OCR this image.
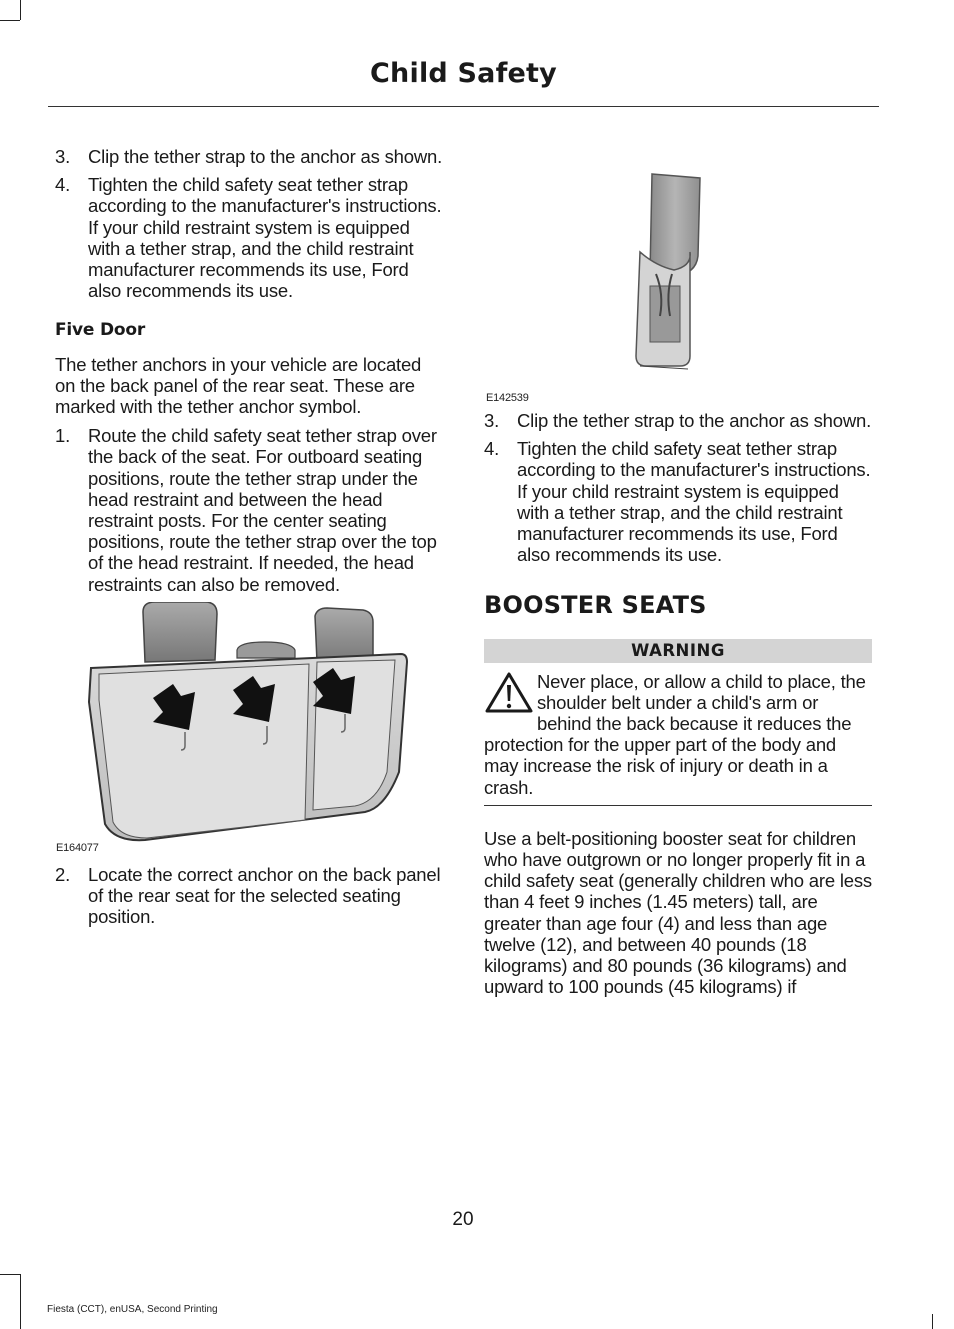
Child Safety
3. Clip the tether strap to the anchor as shown.
4. Tighten the child safety seat tether strap according to the manufacturer's instructions. If your child restraint system is equipped with a tether strap, and the child restraint manufacturer recommends its use, Ford also recommends its use.
Five Door

The tether anchors in your vehicle are located on the back panel of the rear seat. These are marked with the tether anchor symbol.

1. Route the child safety seat tether strap over the back of the seat. For outboard seating positions, route the tether strap under the head restraint and between the head restraint posts. For the center seating positions, route the tether strap over the top of the head restraint. If needed, the head restraints can also be removed.
E164077
2. Locate the correct anchor on the back panel of the rear seat for the selected seating position.
E142539
3. Clip the tether strap to the anchor as shown.
4. Tighten the child safety seat tether strap according to the manufacturer's instructions. If your child restraint system is equipped with a tether strap, and the child restraint manufacturer recommends its use, Ford also recommends its use.
BOOSTER SEATS
WARNING
Never place, or allow a child to place, the shoulder belt under a child's arm or behind the back because it reduces the protection for the upper part of the body and may increase the risk of injury or death in a crash.

Use a belt-positioning booster seat for children who have outgrown or no longer properly fit in a child safety seat (generally children who are less than 4 feet 9 inches (1.45 meters) tall, are greater than age four (4) and less than age twelve (12), and between 40 pounds (18 kilograms) and 80 pounds (36 kilograms) and upward to 100 pounds (45 kilograms) if

20
Fiesta (CCT), enUSA, Second Printing
